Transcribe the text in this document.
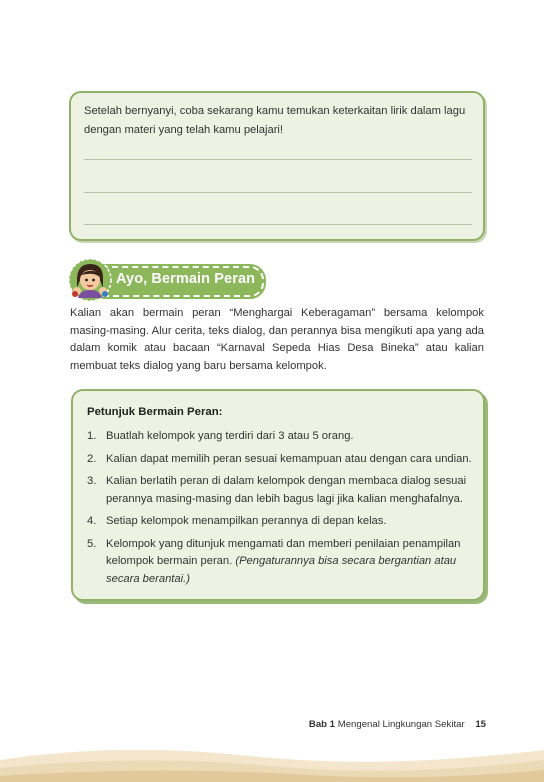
Setelah bernyanyi, coba sekarang kamu temukan keterkaitan lirik dalam lagu dengan materi yang telah kamu pelajari!
Ayo, Bermain Peran
Kalian akan bermain peran “Menghargai Keberagaman” bersama kelompok masing-masing. Alur cerita, teks dialog, dan perannya bisa mengikuti apa yang ada dalam komik atau bacaan “Karnaval Sepeda Hias Desa Bineka” atau kalian membuat teks dialog yang baru bersama kelompok.
Petunjuk Bermain Peran:
1. Buatlah kelompok yang terdiri dari 3 atau 5 orang.
2. Kalian dapat memilih peran sesuai kemampuan atau dengan cara undian.
3. Kalian berlatih peran di dalam kelompok dengan membaca dialog sesuai perannya masing-masing dan lebih bagus lagi jika kalian menghafalnya.
4. Setiap kelompok menampilkan perannya di depan kelas.
5. Kelompok yang ditunjuk mengamati dan memberi penilaian penampilan kelompok bermain peran. (Pengaturannya bisa secara bergantian atau secara berantai.)
Bab 1 Mengenal Lingkungan Sekitar 15
